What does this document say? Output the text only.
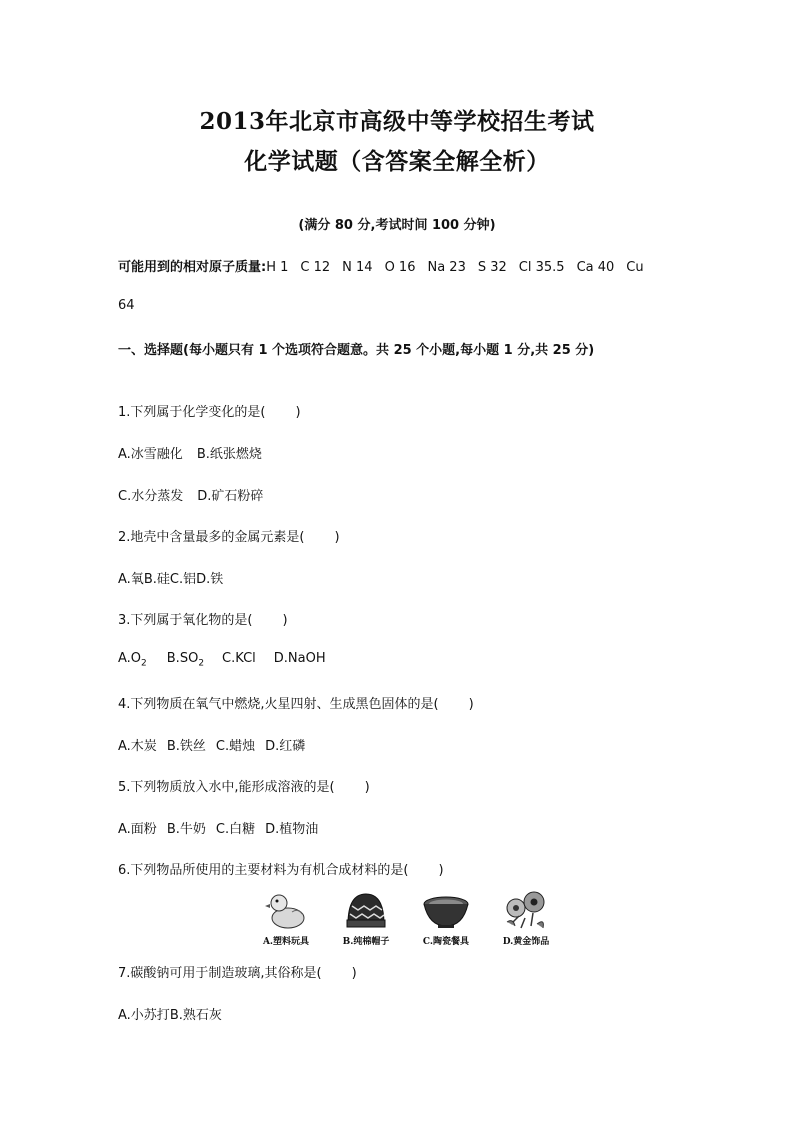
2013年北京市高级中等学校招生考试
化学试题（含答案全解全析）
(满分 80 分,考试时间 100 分钟)
可能用到的相对原子质量:H 1 C 12 N 14 O 16 Na 23 S 32 Cl 35.5 Ca 40 Cu
64
一、选择题(每小题只有 1 个选项符合题意。共 25 个小题,每小题 1 分,共 25 分)
1.下列属于化学变化的是( )
A.冰雪融化 B.纸张燃烧
C.水分蒸发 D.矿石粉碎
2.地壳中含量最多的金属元素是( )
A.氧B.硅C.铝D.铁
3.下列属于氧化物的是( )
$A.O_2$ $B.SO_2$ C.KCl D.NaOH
4.下列物质在氧气中燃烧,火星四射、生成黑色固体的是( )
A.木炭 B.铁丝 C.蜡烛 D.红磷
5.下列物质放入水中,能形成溶液的是( )
A.面粉 B.牛奶 C.白糖 D.植物油
6.下列物品所使用的主要材料为有机合成材料的是( )
A.塑料玩具	B.纯棉帽子	C.陶瓷餐具	D.黄金饰品
7.碳酸钠可用于制造玻璃,其俗称是( )
A.小苏打B.熟石灰
